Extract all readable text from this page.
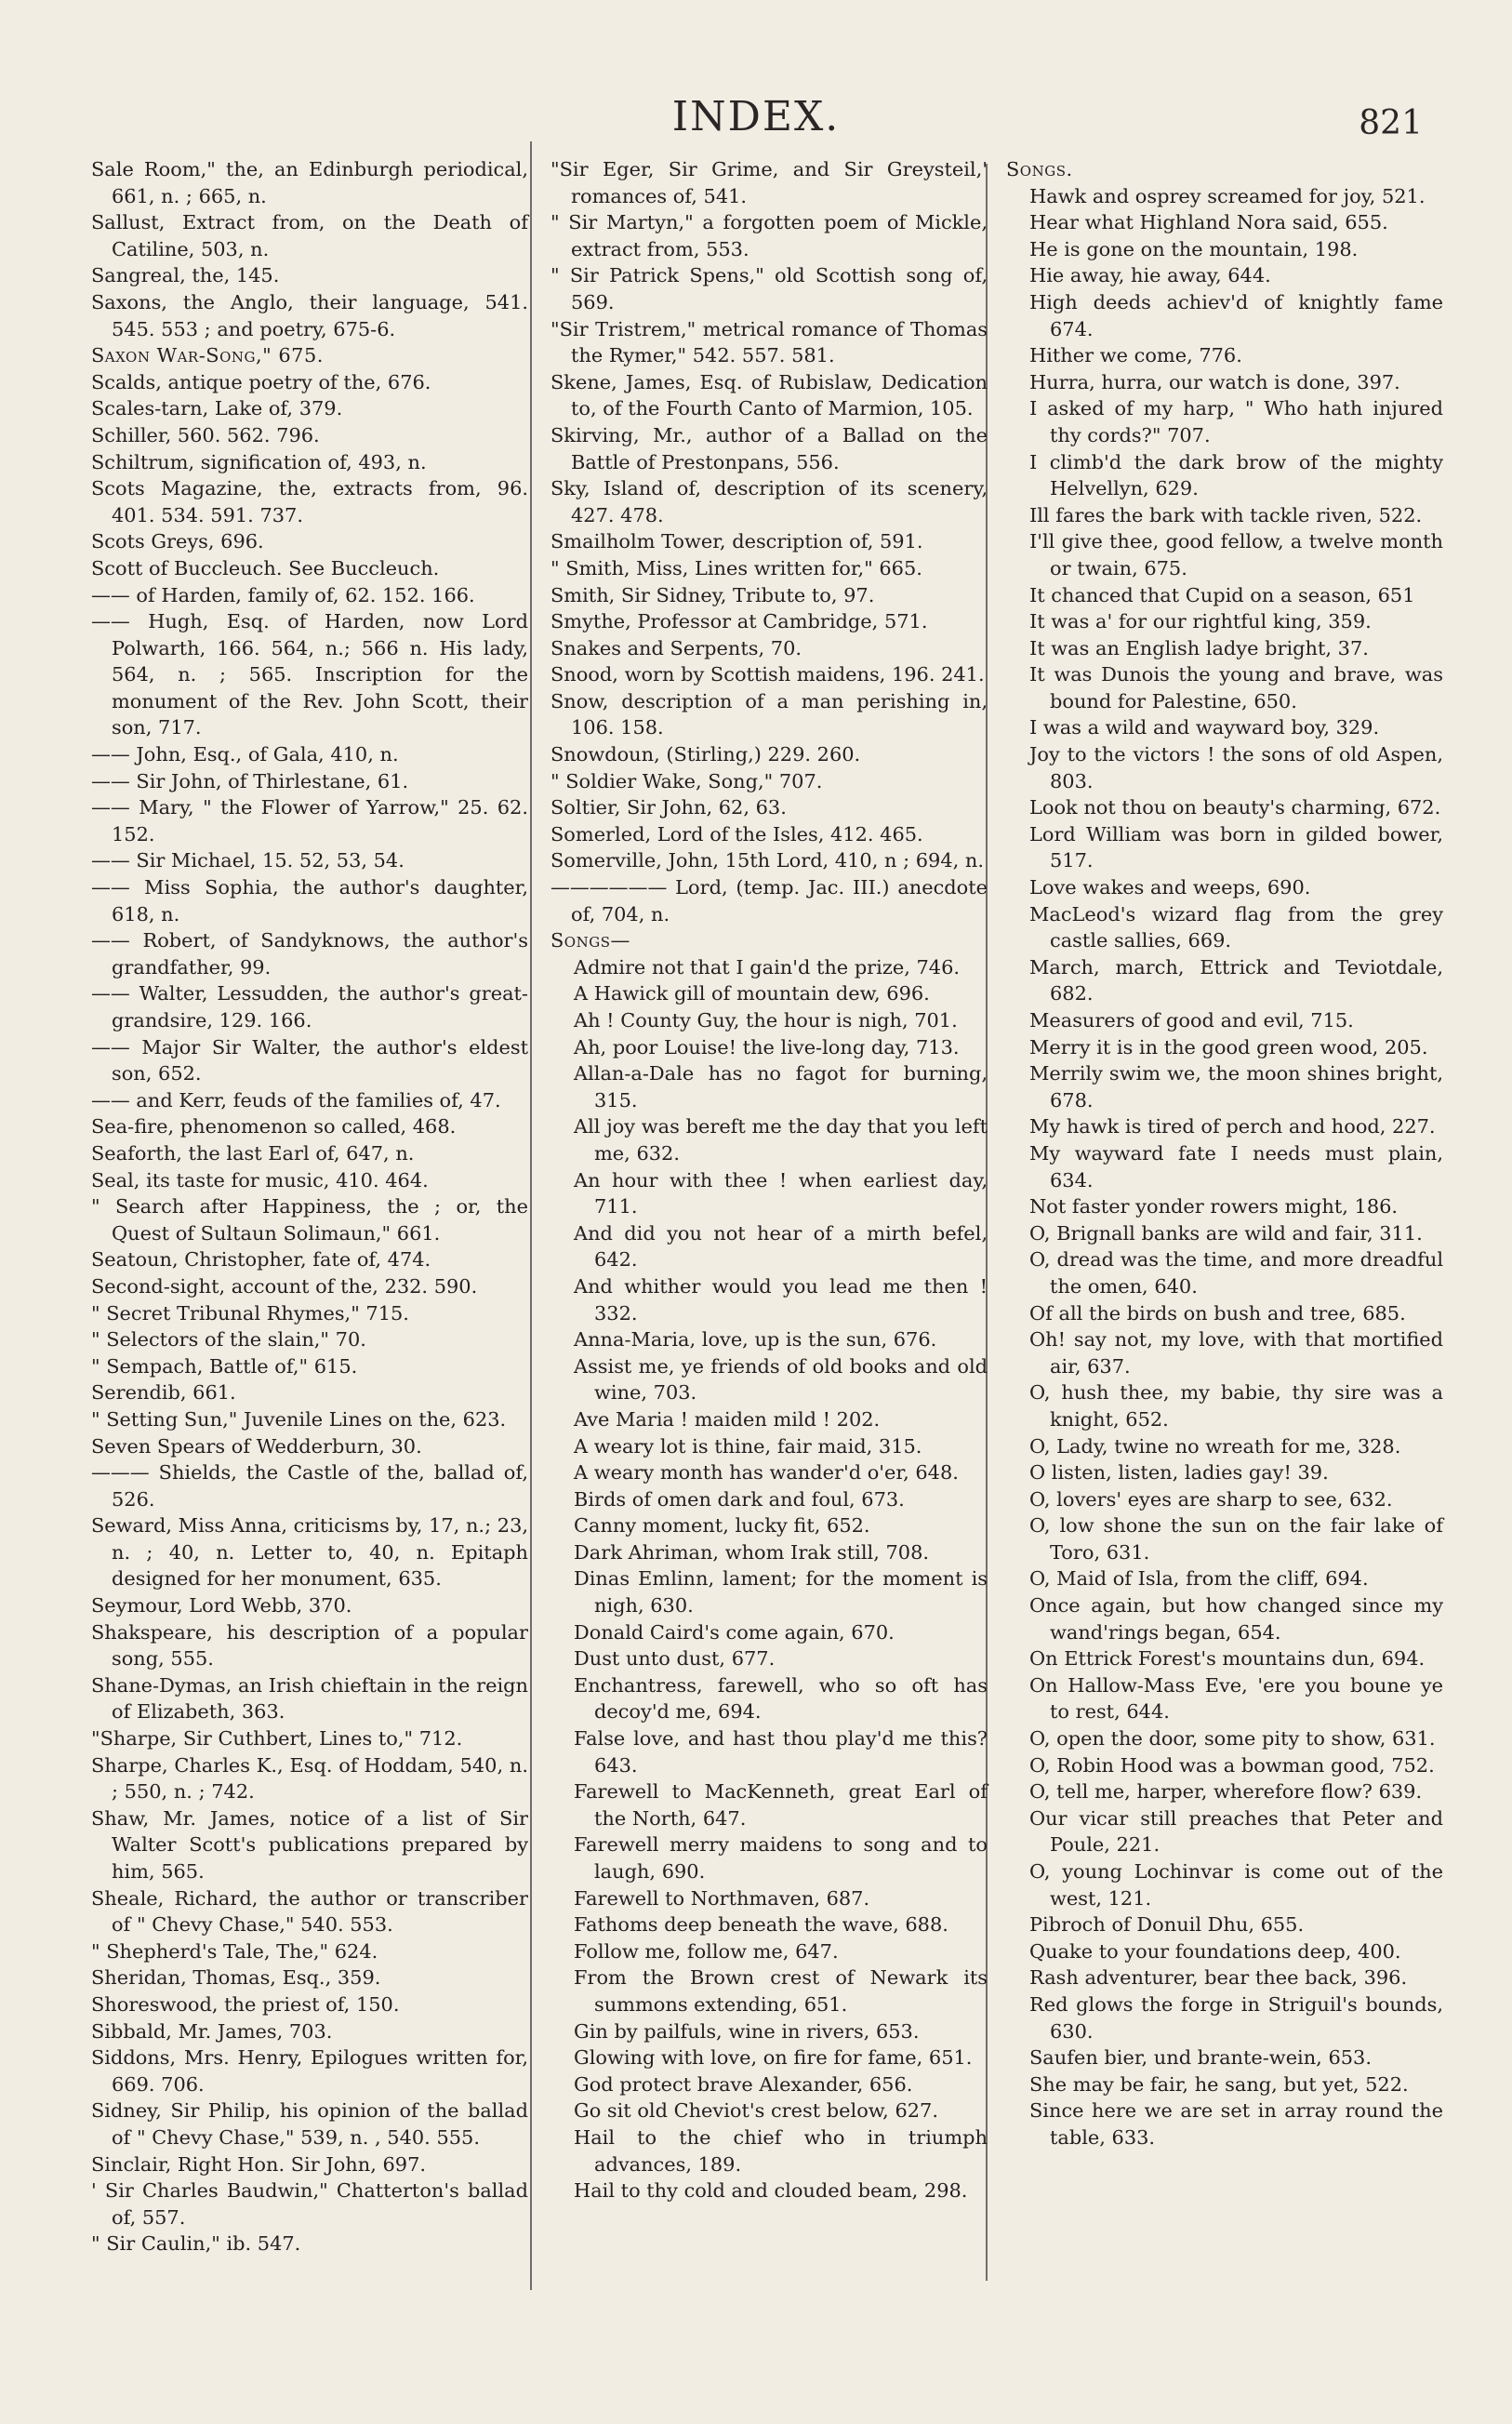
INDEX.	821
Sale Room," the, an Edinburgh periodical, 661, n. ; 665, n.
Sallust, Extract from, on the Death of Catiline, 503, n.
Sangreal, the, 145.
Saxons, the Anglo, their language, 541. 545. 553 ; and poetry, 675-6.
Saxon War-Song," 675.
Scalds, antique poetry of the, 676.
Scales-tarn, Lake of, 379.
Schiller, 560. 562. 796.
Schiltrum, signification of, 493, n.
Scots Magazine, the, extracts from, 96. 401. 534. 591. 737.
Scots Greys, 696.
Scott of Buccleuch. See Buccleuch.
—— of Harden, family of, 62. 152. 166.
—— Hugh, Esq. of Harden, now Lord Polwarth, 166. 564, n.; 566 n. His lady, 564, n. ; 565. Inscription for the monument of the Rev. John Scott, their son, 717.
—— John, Esq., of Gala, 410, n.
—— Sir John, of Thirlestane, 61.
—— Mary, " the Flower of Yarrow," 25. 62. 152.
—— Sir Michael, 15. 52, 53, 54.
—— Miss Sophia, the author's daughter, 618, n.
—— Robert, of Sandyknows, the author's grandfather, 99.
—— Walter, Lessudden, the author's great-grandsire, 129. 166.
—— Major Sir Walter, the author's eldest son, 652.
—— and Kerr, feuds of the families of, 47.
Sea-fire, phenomenon so called, 468.
Seaforth, the last Earl of, 647, n.
Seal, its taste for music, 410. 464.
" Search after Happiness, the ; or, the Quest of Sultaun Solimaun," 661.
Seatoun, Christopher, fate of, 474.
Second-sight, account of the, 232. 590.
" Secret Tribunal Rhymes," 715.
" Selectors of the slain," 70.
" Sempach, Battle of," 615.
Serendib, 661.
" Setting Sun," Juvenile Lines on the, 623.
Seven Spears of Wedderburn, 30.
——— Shields, the Castle of the, ballad of, 526.
Seward, Miss Anna, criticisms by, 17, n.; 23, n. ; 40, n. Letter to, 40, n. Epitaph designed for her monument, 635.
Seymour, Lord Webb, 370.
Shakspeare, his description of a popular song, 555.
Shane-Dymas, an Irish chieftain in the reign of Elizabeth, 363.
"Sharpe, Sir Cuthbert, Lines to," 712.
Sharpe, Charles K., Esq. of Hoddam, 540, n. ; 550, n. ; 742.
Shaw, Mr. James, notice of a list of Sir Walter Scott's publications prepared by him, 565.
Sheale, Richard, the author or transcriber of " Chevy Chase," 540. 553.
" Shepherd's Tale, The," 624.
Sheridan, Thomas, Esq., 359.
Shoreswood, the priest of, 150.
Sibbald, Mr. James, 703.
Siddons, Mrs. Henry, Epilogues written for, 669. 706.
Sidney, Sir Philip, his opinion of the ballad of " Chevy Chase," 539, n. , 540. 555.
Sinclair, Right Hon. Sir John, 697.
' Sir Charles Baudwin," Chatterton's ballad of, 557.
" Sir Caulin," ib. 547.
"Sir Eger, Sir Grime, and Sir Greysteil,' romances of, 541.
" Sir Martyn," a forgotten poem of Mickle, extract from, 553.
" Sir Patrick Spens," old Scottish song of, 569.
"Sir Tristrem," metrical romance of Thomas the Rymer," 542. 557. 581.
Skene, James, Esq. of Rubislaw, Dedication to, of the Fourth Canto of Marmion, 105.
Skirving, Mr., author of a Ballad on the Battle of Prestonpans, 556.
Sky, Island of, description of its scenery, 427. 478.
Smailholm Tower, description of, 591.
" Smith, Miss, Lines written for," 665.
Smith, Sir Sidney, Tribute to, 97.
Smythe, Professor at Cambridge, 571.
Snakes and Serpents, 70.
Snood, worn by Scottish maidens, 196. 241.
Snow, description of a man perishing in, 106. 158.
Snowdoun, (Stirling,) 229. 260.
" Soldier Wake, Song," 707.
Soltier, Sir John, 62, 63.
Somerled, Lord of the Isles, 412. 465.
Somerville, John, 15th Lord, 410, n ; 694, n.
—————— Lord, (temp. Jac. III.) anecdote of, 704, n.
Songs—
Admire not that I gain'd the prize, 746.
A Hawick gill of mountain dew, 696.
Ah ! County Guy, the hour is nigh, 701.
Ah, poor Louise! the live-long day, 713.
Allan-a-Dale has no fagot for burning, 315.
All joy was bereft me the day that you left me, 632.
An hour with thee ! when earliest day, 711.
And did you not hear of a mirth befel, 642.
And whither would you lead me then ! 332.
Anna-Maria, love, up is the sun, 676.
Assist me, ye friends of old books and old wine, 703.
Ave Maria ! maiden mild ! 202.
A weary lot is thine, fair maid, 315.
A weary month has wander'd o'er, 648.
Birds of omen dark and foul, 673.
Canny moment, lucky fit, 652.
Dark Ahriman, whom Irak still, 708.
Dinas Emlinn, lament; for the moment is nigh, 630.
Donald Caird's come again, 670.
Dust unto dust, 677.
Enchantress, farewell, who so oft has decoy'd me, 694.
False love, and hast thou play'd me this? 643.
Farewell to MacKenneth, great Earl of the North, 647.
Farewell merry maidens to song and to laugh, 690.
Farewell to Northmaven, 687.
Fathoms deep beneath the wave, 688.
Follow me, follow me, 647.
From the Brown crest of Newark its summons extending, 651.
Gin by pailfuls, wine in rivers, 653.
Glowing with love, on fire for fame, 651.
God protect brave Alexander, 656.
Go sit old Cheviot's crest below, 627.
Hail to the chief who in triumph advances, 189.
Hail to thy cold and clouded beam, 298.
Songs.
Hawk and osprey screamed for joy, 521.
Hear what Highland Nora said, 655.
He is gone on the mountain, 198.
Hie away, hie away, 644.
High deeds achiev'd of knightly fame 674.
Hither we come, 776.
Hurra, hurra, our watch is done, 397.
I asked of my harp, " Who hath injured thy cords?" 707.
I climb'd the dark brow of the mighty Helvellyn, 629.
Ill fares the bark with tackle riven, 522.
I'll give thee, good fellow, a twelve month or twain, 675.
It chanced that Cupid on a season, 651
It was a' for our rightful king, 359.
It was an English ladye bright, 37.
It was Dunois the young and brave, was bound for Palestine, 650.
I was a wild and wayward boy, 329.
Joy to the victors ! the sons of old Aspen, 803.
Look not thou on beauty's charming, 672.
Lord William was born in gilded bower, 517.
Love wakes and weeps, 690.
MacLeod's wizard flag from the grey castle sallies, 669.
March, march, Ettrick and Teviotdale, 682.
Measurers of good and evil, 715.
Merry it is in the good green wood, 205.
Merrily swim we, the moon shines bright, 678.
My hawk is tired of perch and hood, 227.
My wayward fate I needs must plain, 634.
Not faster yonder rowers might, 186.
O, Brignall banks are wild and fair, 311.
O, dread was the time, and more dreadful the omen, 640.
Of all the birds on bush and tree, 685.
Oh! say not, my love, with that mortified air, 637.
O, hush thee, my babie, thy sire was a knight, 652.
O, Lady, twine no wreath for me, 328.
O listen, listen, ladies gay! 39.
O, lovers' eyes are sharp to see, 632.
O, low shone the sun on the fair lake of Toro, 631.
O, Maid of Isla, from the cliff, 694.
Once again, but how changed since my wand'rings began, 654.
On Ettrick Forest's mountains dun, 694.
On Hallow-Mass Eve, 'ere you boune ye to rest, 644.
O, open the door, some pity to show, 631.
O, Robin Hood was a bowman good, 752.
O, tell me, harper, wherefore flow? 639.
Our vicar still preaches that Peter and Poule, 221.
O, young Lochinvar is come out of the west, 121.
Pibroch of Donuil Dhu, 655.
Quake to your foundations deep, 400.
Rash adventurer, bear thee back, 396.
Red glows the forge in Striguil's bounds, 630.
Saufen bier, und brante-wein, 653.
She may be fair, he sang, but yet, 522.
Since here we are set in array round the table, 633.
